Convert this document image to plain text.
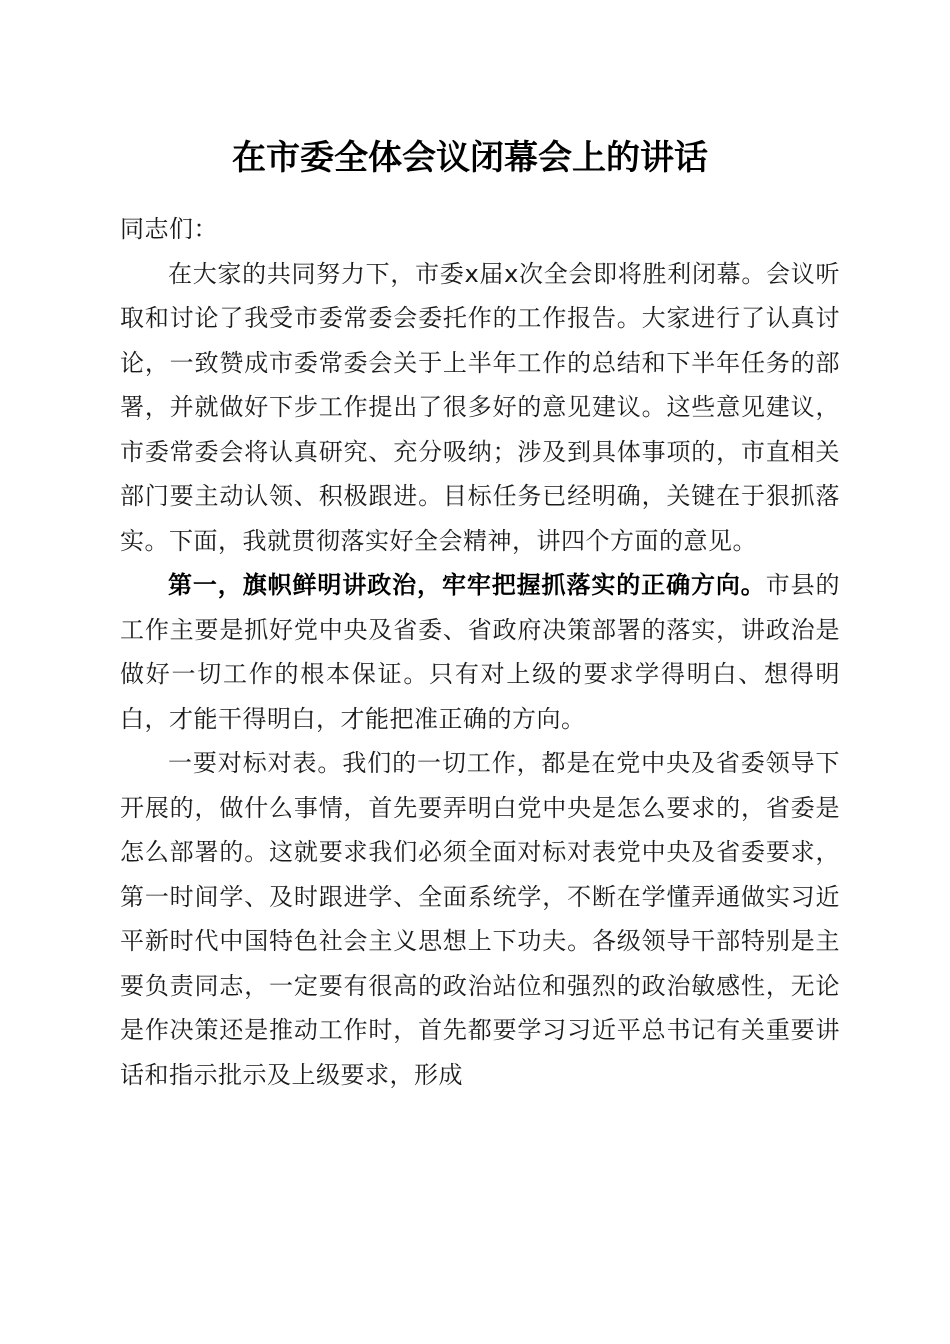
在市委全体会议闭幕会上的讲话

同志们：

在大家的共同努力下，市委x届x次全会即将胜利闭幕。会议听取和讨论了我受市委常委会委托作的工作报告。大家进行了认真讨论，一致赞成市委常委会关于上半年工作的总结和下半年任务的部署，并就做好下步工作提出了很多好的意见建议。这些意见建议，市委常委会将认真研究、充分吸纳；涉及到具体事项的，市直相关部门要主动认领、积极跟进。目标任务已经明确，关键在于狠抓落实。下面，我就贯彻落实好全会精神，讲四个方面的意见。

第一，旗帜鲜明讲政治，牢牢把握抓落实的正确方向。市县的工作主要是抓好党中央及省委、省政府决策部署的落实，讲政治是做好一切工作的根本保证。只有对上级的要求学得明白、想得明白，才能干得明白，才能把准正确的方向。

一要对标对表。我们的一切工作，都是在党中央及省委领导下开展的，做什么事情，首先要弄明白党中央是怎么要求的，省委是怎么部署的。这就要求我们必须全面对标对表党中央及省委要求，第一时间学、及时跟进学、全面系统学，不断在学懂弄通做实习近平新时代中国特色社会主义思想上下功夫。各级领导干部特别是主要负责同志，一定要有很高的政治站位和强烈的政治敏感性，无论是作决策还是推动工作时，首先都要学习习近平总书记有关重要讲话和指示批示及上级要求，形成
